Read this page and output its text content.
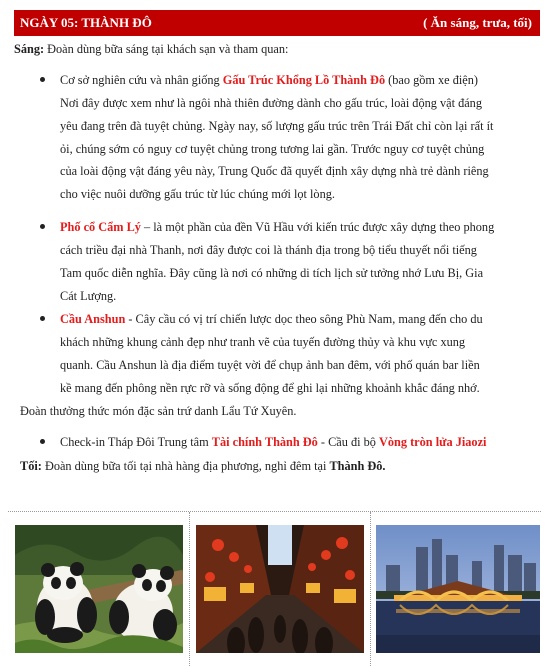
NGÀY 05: THÀNH ĐÔ	( Ăn sáng, trưa, tối)
Sáng: Đoàn dùng bữa sáng tại khách sạn và tham quan:
Cơ sở nghiên cứu và nhân giống Gấu Trúc Khổng Lồ Thành Đô (bao gồm xe điện)
Nơi đây được xem như là ngôi nhà thiên đường dành cho gấu trúc, loài động vật đáng
yêu đang trên đà tuyệt chủng. Ngày nay, số lượng gấu trúc trên Trái Đất chỉ còn lại rất ít
ỏi, chúng sớm có nguy cơ tuyệt chủng trong tương lai gần. Trước nguy cơ tuyệt chủng
của loài động vật đáng yêu này, Trung Quốc đã quyết định xây dựng nhà trẻ dành riêng
cho việc nuôi dưỡng gấu trúc từ lúc chúng mới lọt lòng.
Phố cổ Cẩm Lý – là một phần của đền Vũ Hầu với kiến trúc được xây dựng theo phong
cách triều đại nhà Thanh, nơi đây được coi là thánh địa trong bộ tiểu thuyết nổi tiếng
Tam quốc diễn nghĩa. Đây cũng là nơi có những di tích lịch sử tưởng nhớ Lưu Bị, Gia
Cát Lượng.
Cầu Anshun - Cây cầu có vị trí chiến lược dọc theo sông Phù Nam, mang đến cho du
khách những khung cảnh đẹp như tranh vẽ của tuyến đường thủy và khu vực xung
quanh. Cầu Anshun là địa điểm tuyệt vời để chụp ảnh ban đêm, với phố quán bar liền
kề mang đến phông nền rực rỡ và sống động để ghi lại những khoảnh khắc đáng nhớ.
Đoàn thưởng thức món đặc sản trứ danh Lẩu Tứ Xuyên.
Check-in Tháp Đôi Trung tâm Tài chính Thành Đô - Cầu đi bộ Vòng tròn lửa Jiaozi
Tối: Đoàn dùng bữa tối tại nhà hàng địa phương, nghỉ đêm tại Thành Đô.
